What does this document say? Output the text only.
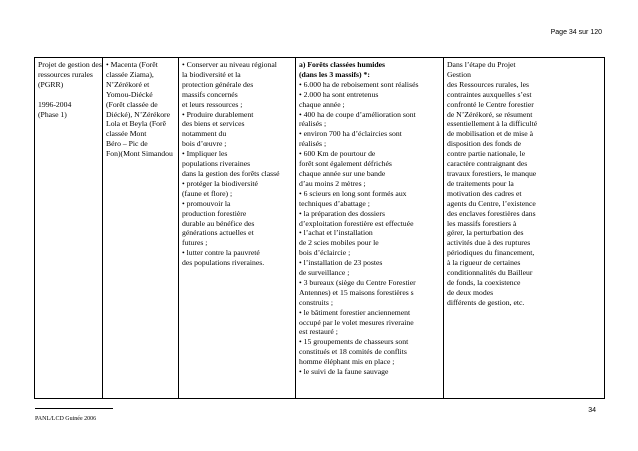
Page 34 sur 120
Projet de gestion des
ressources rurales
(PGRR)
1996-2004
(Phase 1)

• Macenta (Forêt
classée Ziama),
N’Zérékoré et
Yomou-Diécké
(Forêt classée de
Diécké), N’Zérékore
Lola et Beyla (Forê
classée Mont
Béro – Pic de
Fon)(Mont Simandou

• Conserver au niveau régional
la biodiversité et la
protection générale des
massifs concernés
et leurs ressources ;
• Produire durablement
des biens et services
notamment du
bois d’œuvre ;
• Impliquer les
populations riveraines
dans la gestion des forêts classé
• protéger la biodiversité
(faune et flore) ;
• promouvoir la
production forestière
durable au bénéfice des
générations actuelles et
futures ;
• lutter contre la pauvreté
des populations riveraines.

a) Forêts classées humides
(dans les 3 massifs) *:
• 6.000 ha de reboisement sont réalisés
• 2.000 ha sont entretenus
chaque année ;
• 400 ha de coupe d’amélioration sont
réalisés ;
• environ 700 ha d’éclaircies sont
réalisés ;
• 600 Km de pourtour de
forêt sont également défrichés
chaque année sur une bande
d’au moins 2 mètres ;
• 6 scieurs en long sont formés aux
techniques d’abattage ;
• la préparation des dossiers
d’exploitation forestière est effectuée
• l’achat et l’installation
de 2 scies mobiles pour le
bois d’éclaircie ;
• l’installation de 23 postes
de surveillance ;
• 3 bureaux (siège du Centre Forestier
Antennes) et 15 maisons forestières s
construits ;
• le bâtiment forestier anciennement
occupé par le volet mesures riveraine
est restauré ;
• 15 groupements de chasseurs sont
constitués et 18 comités de conflits
homme éléphant mis en place ;
• le suivi de la faune sauvage

Dans l’étape du Projet
Gestion
des Ressources rurales, les
contraintes auxquelles s’est
confronté le Centre forestier
de N’Zérékoré, se résument
essentiellement à la difficulté
de mobilisation et de mise à
disposition des fonds de
contre partie nationale, le
caractère contraignant des
travaux forestiers, le manque
de traitements pour la
motivation des cadres et
agents du Centre, l’existence
des enclaves forestières dans
les massifs forestiers à
gérer, la perturbation des
activités due à des ruptures
périodiques du financement,
à la rigueur de certaines
conditionnalités du Bailleur
de fonds, la coexistence
de deux modes
différents de gestion, etc.
34
PANL/LCD Guinée 2006
